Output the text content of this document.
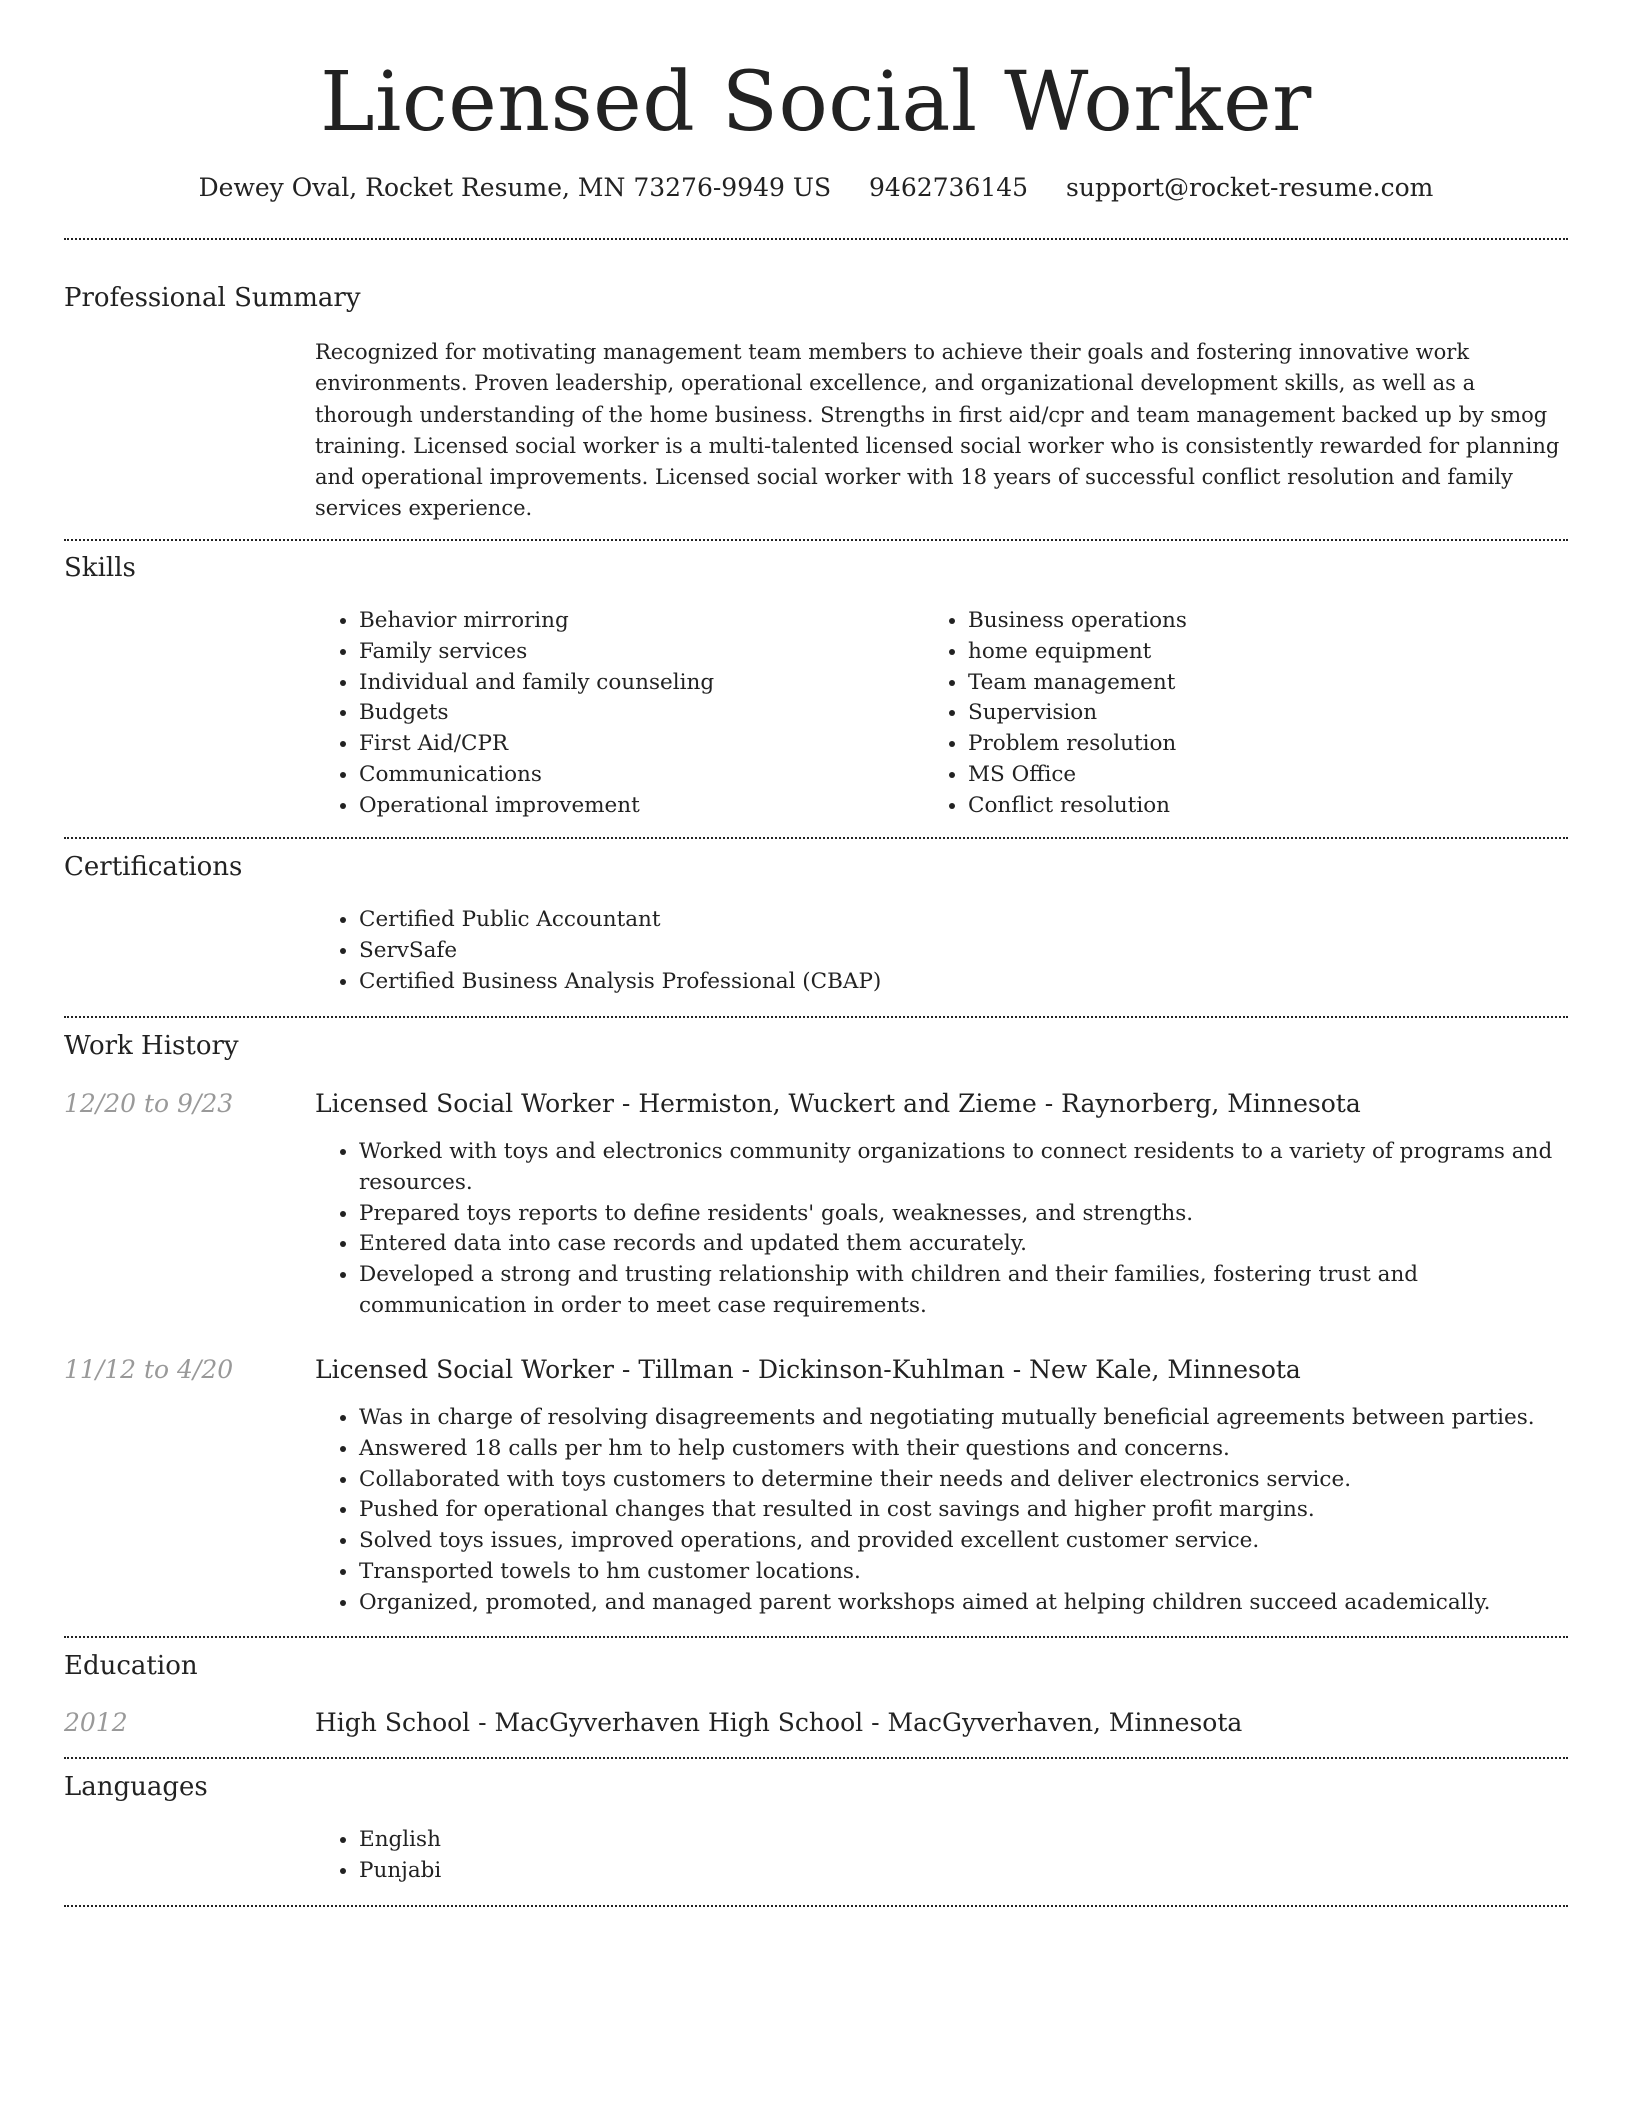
Licensed Social Worker
Dewey Oval, Rocket Resume, MN 73276-9949 US 9462736145 support@rocket-resume.com
Professional Summary
Recognized for motivating management team members to achieve their goals and fostering innovative work environments. Proven leadership, operational excellence, and organizational development skills, as well as a thorough understanding of the home business. Strengths in first aid/cpr and team management backed up by smog training. Licensed social worker is a multi-talented licensed social worker who is consistently rewarded for planning and operational improvements. Licensed social worker with 18 years of successful conflict resolution and family services experience.
Skills
• Behavior mirroring
• Family services
• Individual and family counseling
• Budgets
• First Aid/CPR
• Communications
• Operational improvement
• Business operations
• home equipment
• Team management
• Supervision
• Problem resolution
• MS Office
• Conflict resolution
Certifications
• Certified Public Accountant
• ServSafe
• Certified Business Analysis Professional (CBAP)
Work History
12/20 to 9/23	Licensed Social Worker - Hermiston, Wuckert and Zieme - Raynorberg, Minnesota
• Worked with toys and electronics community organizations to connect residents to a variety of programs and resources.
• Prepared toys reports to define residents' goals, weaknesses, and strengths.
• Entered data into case records and updated them accurately.
• Developed a strong and trusting relationship with children and their families, fostering trust and communication in order to meet case requirements.
11/12 to 4/20	Licensed Social Worker - Tillman - Dickinson-Kuhlman - New Kale, Minnesota
• Was in charge of resolving disagreements and negotiating mutually beneficial agreements between parties.
• Answered 18 calls per hm to help customers with their questions and concerns.
• Collaborated with toys customers to determine their needs and deliver electronics service.
• Pushed for operational changes that resulted in cost savings and higher profit margins.
• Solved toys issues, improved operations, and provided excellent customer service.
• Transported towels to hm customer locations.
• Organized, promoted, and managed parent workshops aimed at helping children succeed academically.
Education
2012	High School - MacGyverhaven High School - MacGyverhaven, Minnesota
Languages
• English
• Punjabi
